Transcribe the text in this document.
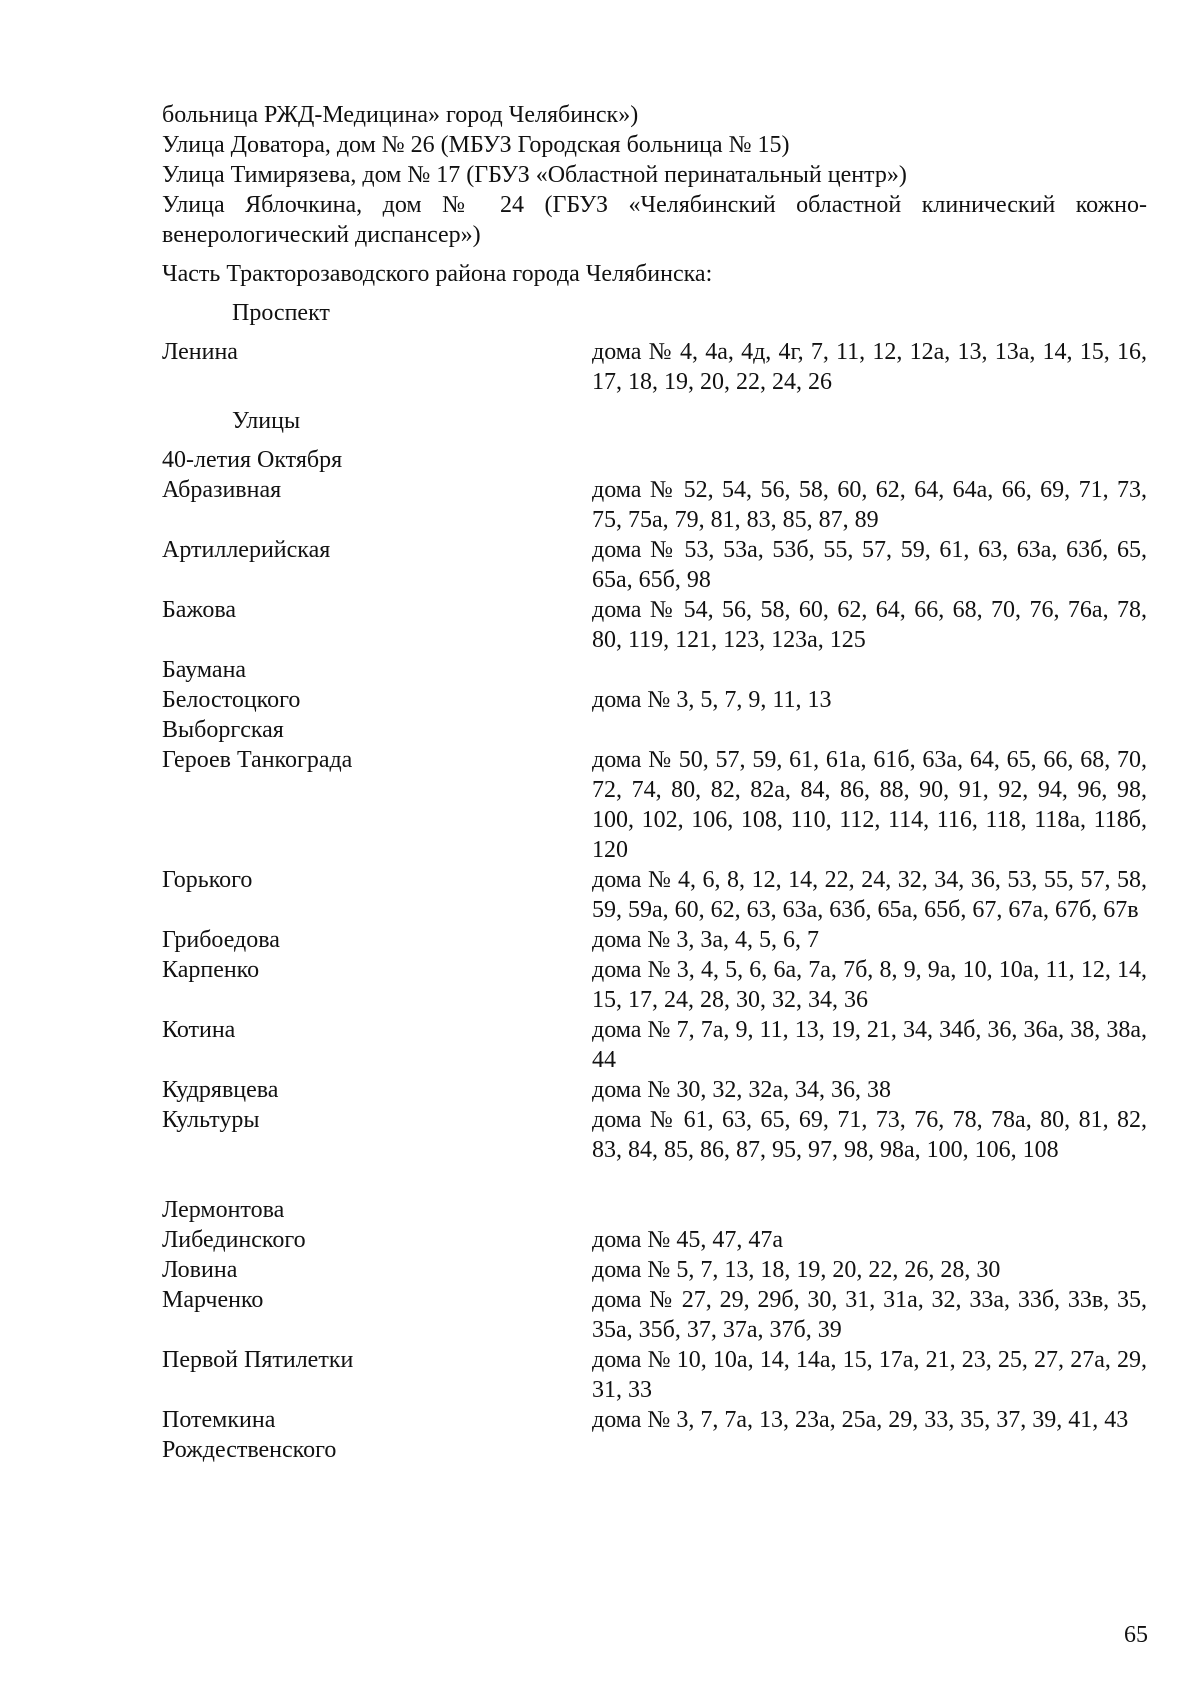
больница РЖД-Медицина» город Челябинск»)
Улица Доватора, дом № 26 (МБУЗ Городская больница № 15)
Улица Тимирязева, дом № 17 (ГБУЗ «Областной перинатальный центр»)
Улица Яблочкина, дом № 24 (ГБУЗ «Челябинский областной клинический кожно-
венерологический диспансер»)
Часть Тракторозаводского района города Челябинска:
Проспект
Ленина	дома № 4, 4а, 4д, 4г, 7, 11, 12, 12а, 13, 13а, 14, 15, 16, 17, 18, 19, 20, 22, 24, 26
Улицы
40-летия Октября
Абразивная	дома № 52, 54, 56, 58, 60, 62, 64, 64а, 66, 69, 71, 73, 75, 75а, 79, 81, 83, 85, 87, 89
Артиллерийская	дома № 53, 53а, 53б, 55, 57, 59, 61, 63, 63а, 63б, 65, 65а, 65б, 98
Бажова	дома № 54, 56, 58, 60, 62, 64, 66, 68, 70, 76, 76а, 78, 80, 119, 121, 123, 123а, 125
Баумана
Белостоцкого	дома № 3, 5, 7, 9, 11, 13
Выборгская
Героев Танкограда	дома № 50, 57, 59, 61, 61а, 61б, 63а, 64, 65, 66, 68, 70, 72, 74, 80, 82, 82а, 84, 86, 88, 90, 91, 92, 94, 96, 98, 100, 102, 106, 108, 110, 112, 114, 116, 118, 118а, 118б, 120
Горького	дома № 4, 6, 8, 12, 14, 22, 24, 32, 34, 36, 53, 55, 57, 58, 59, 59а, 60, 62, 63, 63а, 63б, 65а, 65б, 67, 67а, 67б, 67в
Грибоедова	дома № 3, 3а, 4, 5, 6, 7
Карпенко	дома № 3, 4, 5, 6, 6а, 7а, 7б, 8, 9, 9а, 10, 10а, 11, 12, 14, 15, 17, 24, 28, 30, 32, 34, 36
Котина	дома № 7, 7а, 9, 11, 13, 19, 21, 34, 34б, 36, 36а, 38, 38а, 44
Кудрявцева	дома № 30, 32, 32а, 34, 36, 38
Культуры	дома № 61, 63, 65, 69, 71, 73, 76, 78, 78а, 80, 81, 82, 83, 84, 85, 86, 87, 95, 97, 98, 98а, 100, 106, 108

Лермонтова
Либединского	дома № 45, 47, 47а
Ловина	дома № 5, 7, 13, 18, 19, 20, 22, 26, 28, 30
Марченко	дома № 27, 29, 29б, 30, 31, 31а, 32, 33а, 33б, 33в, 35, 35а, 35б, 37, 37а, 37б, 39
Первой Пятилетки	дома № 10, 10а, 14, 14а, 15, 17а, 21, 23, 25, 27, 27а, 29, 31, 33
Потемкина	дома № 3, 7, 7а, 13, 23а, 25а, 29, 33, 35, 37, 39, 41, 43
Рождественского
65
